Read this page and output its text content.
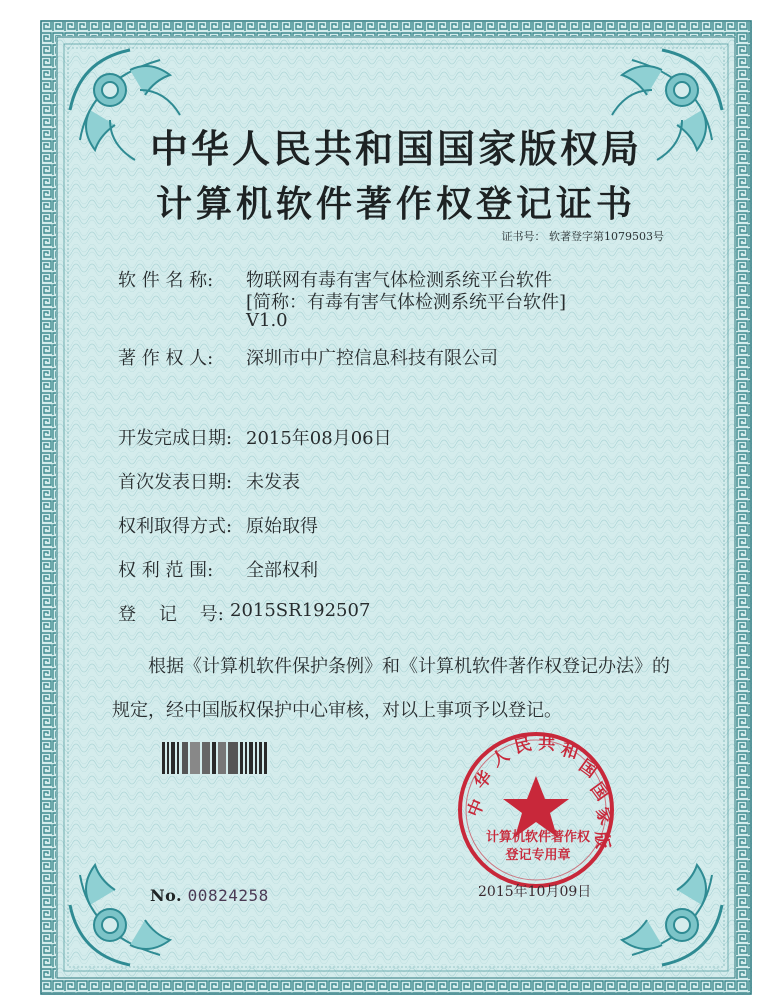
中
华
人 民 共 和
国
国
家
版
中华人民共和国国家版权局
计算机软件著作权登记证书
证书号： 软著登字第1079503号
软 件 名 称: 物联网有毒有害气体检测系统平台软件
[简称：有毒有害气体检测系统平台软件]
V1.0
著 作 权 人: 深圳市中广控信息科技有限公司
开发完成日期: 2015年08月06日
首次发表日期: 未发表
权利取得方式: 原始取得
权 利 范 围: 全部权利
登    记    号: 2015SR192507
根据《计算机软件保护条例》和《计算机软件著作权登记办法》的
规定，经中国版权保护中心审核，对以上事项予以登记。
计算机软件著作权
登记专用章
No. 00824258	2015年10月09日
